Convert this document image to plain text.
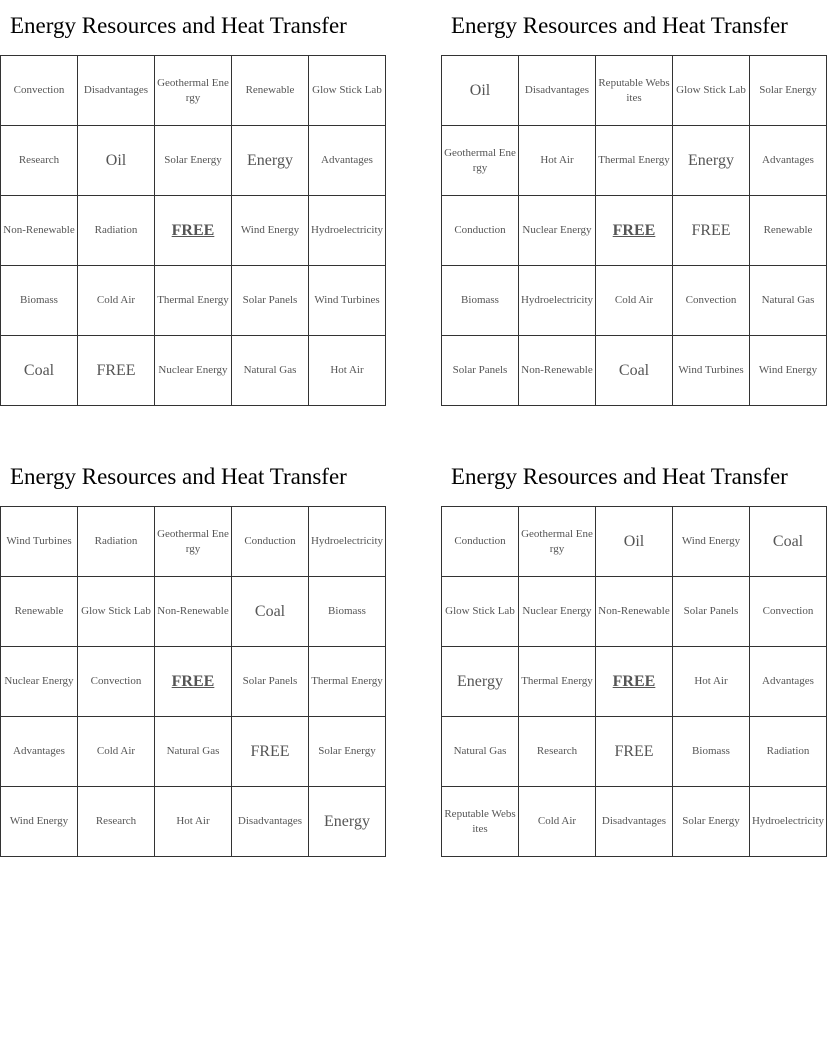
Energy Resources and Heat Transfer
Convection	Disadvantages	Geothermal Energy	Renewable	Glow Stick Lab
Research	Oil	Solar Energy	Energy	Advantages
Non-Renewable	Radiation	FREE	Wind Energy	Hydroelectricity
Biomass	Cold Air	Thermal Energy	Solar Panels	Wind Turbines
Coal	FREE	Nuclear Energy	Natural Gas	Hot Air
Energy Resources and Heat Transfer
Oil	Disadvantages	Reputable Websites	Glow Stick Lab	Solar Energy
Geothermal Energy	Hot Air	Thermal Energy	Energy	Advantages
Conduction	Nuclear Energy	FREE	FREE	Renewable
Biomass	Hydroelectricity	Cold Air	Convection	Natural Gas
Solar Panels	Non-Renewable	Coal	Wind Turbines	Wind Energy
Energy Resources and Heat Transfer
Wind Turbines	Radiation	Geothermal Energy	Conduction	Hydroelectricity
Renewable	Glow Stick Lab	Non-Renewable	Coal	Biomass
Nuclear Energy	Convection	FREE	Solar Panels	Thermal Energy
Advantages	Cold Air	Natural Gas	FREE	Solar Energy
Wind Energy	Research	Hot Air	Disadvantages	Energy
Energy Resources and Heat Transfer
Conduction	Geothermal Energy	Oil	Wind Energy	Coal
Glow Stick Lab	Nuclear Energy	Non-Renewable	Solar Panels	Convection
Energy	Thermal Energy	FREE	Hot Air	Advantages
Natural Gas	Research	FREE	Biomass	Radiation
Reputable Websites	Cold Air	Disadvantages	Solar Energy	Hydroelectricity
